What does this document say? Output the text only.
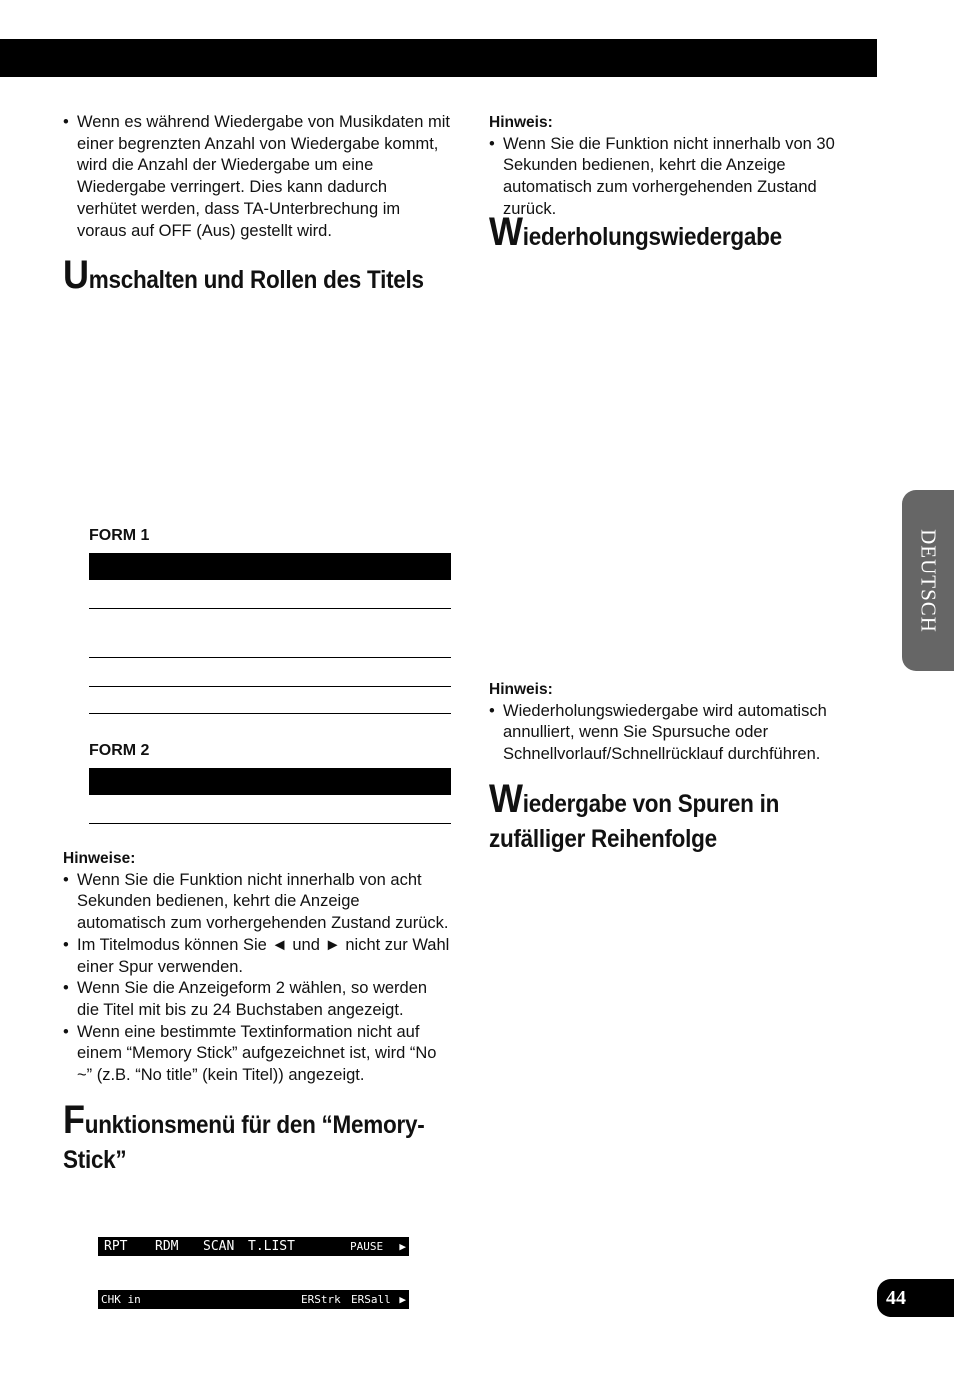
• Wenn es während Wiedergabe von Musikdaten mit einer begrenzten Anzahl von Wiedergabe kommt, wird die Anzahl der Wiedergabe um eine Wiedergabe verringert. Dies kann dadurch verhütet werden, dass TA-Unterbrechung im voraus auf OFF (Aus) gestellt wird.
Umschalten und Rollen des Titels
FORM 1
FORM 2
Hinweise:
• Wenn Sie die Funktion nicht innerhalb von acht Sekunden bedienen, kehrt die Anzeige automatisch zum vorhergehenden Zustand zurück.
• Im Titelmodus können Sie ◄ und ► nicht zur Wahl einer Spur verwenden.
• Wenn Sie die Anzeigeform 2 wählen, so werden die Titel mit bis zu 24 Buchstaben angezeigt.
• Wenn eine bestimmte Textinformation nicht auf einem “Memory Stick” aufgezeichnet ist, wird “No ~” (z.B. “No title” (kein Titel)) angezeigt.
Funktionsmenü für den “Memory-Stick”

RPT

RDM

SCAN

T.LIST

	PAUSE

▶

CHK in

	ERStrk

ERSall

▶

Hinweis:
• Wenn Sie die Funktion nicht innerhalb von 30 Sekunden bedienen, kehrt die Anzeige automatisch zum vorhergehenden Zustand zurück.
Wiederholungswiedergabe
Hinweis:
• Wiederholungswiedergabe wird automatisch annulliert, wenn Sie Spursuche oder Schnellvorlauf/Schnellrücklauf durchführen.
Wiedergabe von Spuren in zufälliger Reihenfolge
DEUTSCH
44
